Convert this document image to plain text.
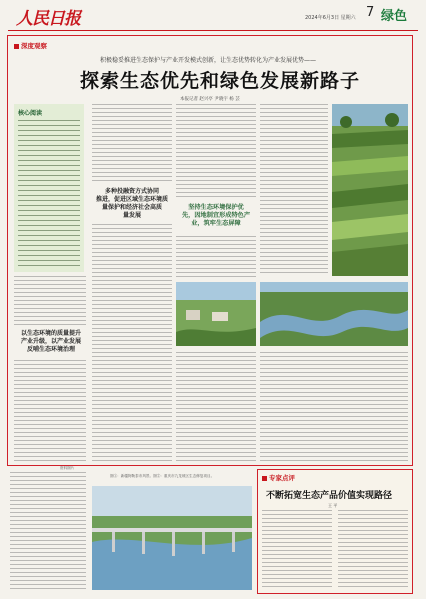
人民日报	2024年6月3日 星期六 7 绿色
深度观察
积极稳妥推进生态保护与产业开发模式创新，让生态优势转化为产业发展优势——
探索生态优先和绿色发展新路子
本报记者 赵兴亭 尹晓宇 杨 芸
核心阅读
以生态环境的质量提升
产业升级，以产业发展
反哺生态环境治理
多种投融资方式协同
推进，促进区域生态环境质
量保护和经济社会高质
量发展
坚持生态环境保护优
先，因地制宜形成特色产
业，筑牢生态屏障
图①：新疆阿勒泰市风景。图②：重庆市九龙坡区生态修复项目。
资料图片
专家点评
不断拓宽生态产品价值实现路径
王 平
